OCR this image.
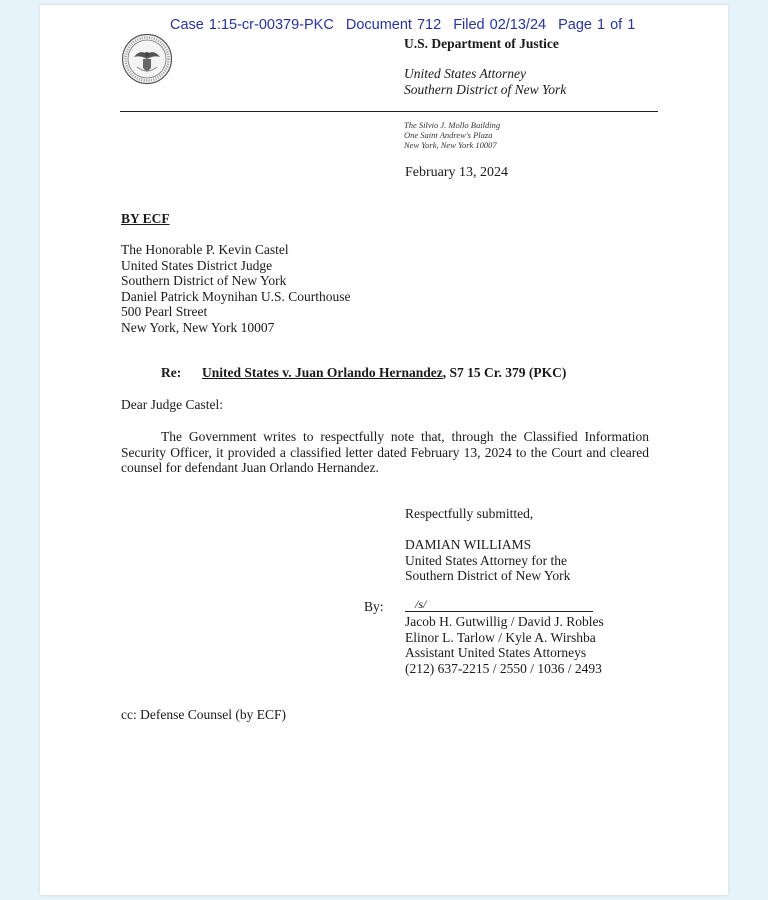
Case 1:15-cr-00379-PKC Document 712 Filed 02/13/24 Page 1 of 1
U.S. Department of Justice
United States Attorney
Southern District of New York
The Silvio J. Mollo Building
One Saint Andrew's Plaza
New York, New York 10007
February 13, 2024
BY ECF
The Honorable P. Kevin Castel
United States District Judge
Southern District of New York
Daniel Patrick Moynihan U.S. Courthouse
500 Pearl Street
New York, New York 10007
Re: United States v. Juan Orlando Hernandez, S7 15 Cr. 379 (PKC)
Dear Judge Castel:
The Government writes to respectfully note that, through the Classified Information Security Officer, it provided a classified letter dated February 13, 2024 to the Court and cleared counsel for defendant Juan Orlando Hernandez.
Respectfully submitted,
DAMIAN WILLIAMS
United States Attorney for the
Southern District of New York
By:	/s/
Jacob H. Gutwillig / David J. Robles
Elinor L. Tarlow / Kyle A. Wirshba
Assistant United States Attorneys
(212) 637-2215 / 2550 / 1036 / 2493
cc: Defense Counsel (by ECF)
